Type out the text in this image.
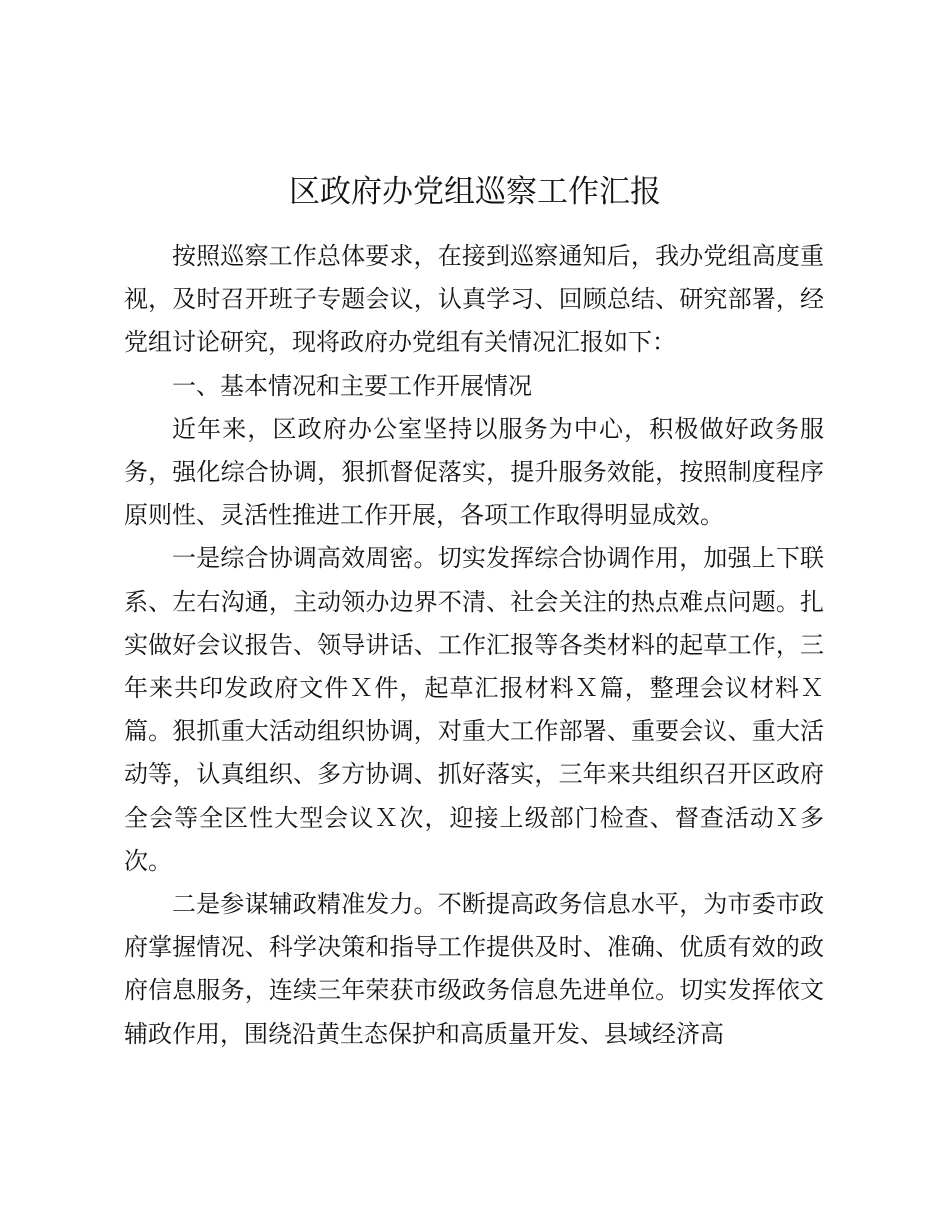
区政府办党组巡察工作汇报

按照巡察工作总体要求，在接到巡察通知后，我办党组高度重视，及时召开班子专题会议，认真学习、回顾总结、研究部署，经党组讨论研究，现将政府办党组有关情况汇报如下：

一、基本情况和主要工作开展情况

近年来，区政府办公室坚持以服务为中心，积极做好政务服务，强化综合协调，狠抓督促落实，提升服务效能，按照制度程序原则性、灵活性推进工作开展，各项工作取得明显成效。

一是综合协调高效周密。切实发挥综合协调作用，加强上下联系、左右沟通，主动领办边界不清、社会关注的热点难点问题。扎实做好会议报告、领导讲话、工作汇报等各类材料的起草工作，三年来共印发政府文件Ｘ件，起草汇报材料Ｘ篇，整理会议材料Ｘ篇。狠抓重大活动组织协调，对重大工作部署、重要会议、重大活动等，认真组织、多方协调、抓好落实，三年来共组织召开区政府全会等全区性大型会议Ｘ次，迎接上级部门检查、督查活动Ｘ多次。

二是参谋辅政精准发力。不断提高政务信息水平，为市委市政府掌握情况、科学决策和指导工作提供及时、准确、优质有效的政府信息服务，连续三年荣获市级政务信息先进单位。切实发挥依文辅政作用，围绕沿黄生态保护和高质量开发、县域经济高
